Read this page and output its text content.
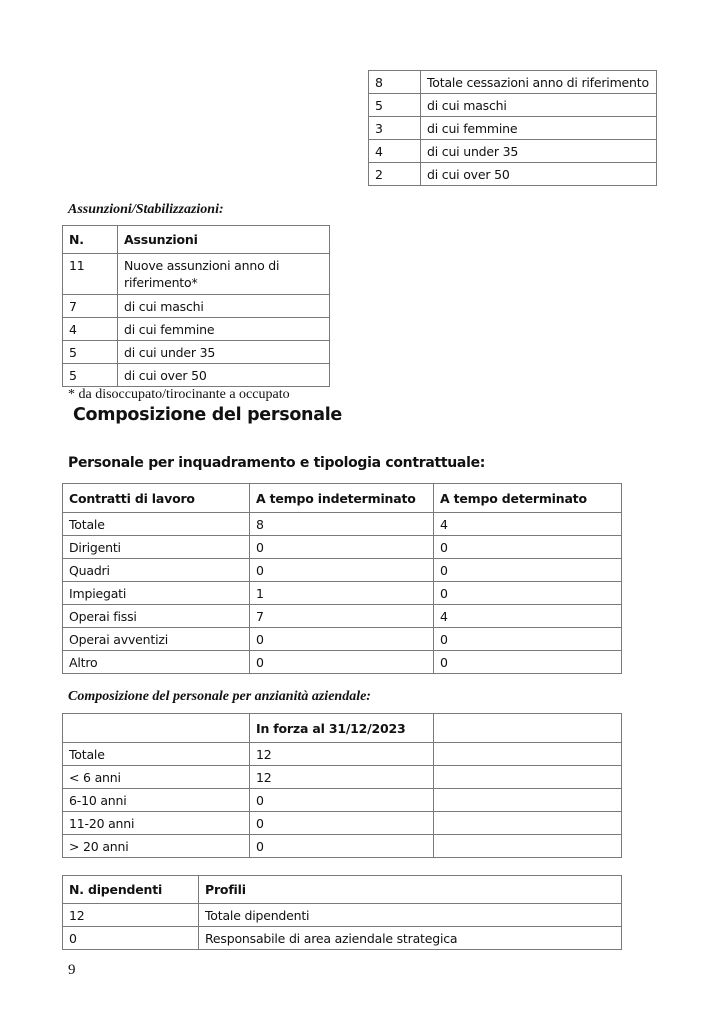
8	Totale cessazioni anno di riferimento
5	di cui maschi
3	di cui femmine
4	di cui under 35
2	di cui over 50
Assunzioni/Stabilizzazioni:
N.	Assunzioni
11	Nuove assunzioni anno di riferimento*
7	di cui maschi
4	di cui femmine
5	di cui under 35
5	di cui over 50
* da disoccupato/tirocinante a occupato
Composizione del personale
Personale per inquadramento e tipologia contrattuale:
Contratti di lavoro	A tempo indeterminato	A tempo determinato
Totale	8	4
Dirigenti	0	0
Quadri	0	0
Impiegati	1	0
Operai fissi	7	4
Operai avventizi	0	0
Altro	0	0
Composizione del personale per anzianità aziendale:
	In forza al 31/12/2023	
Totale	12	
< 6 anni	12	
6-10 anni	0	
11-20 anni	0	
> 20 anni	0	
N. dipendenti	Profili
12	Totale dipendenti
0	Responsabile di area aziendale strategica
9
